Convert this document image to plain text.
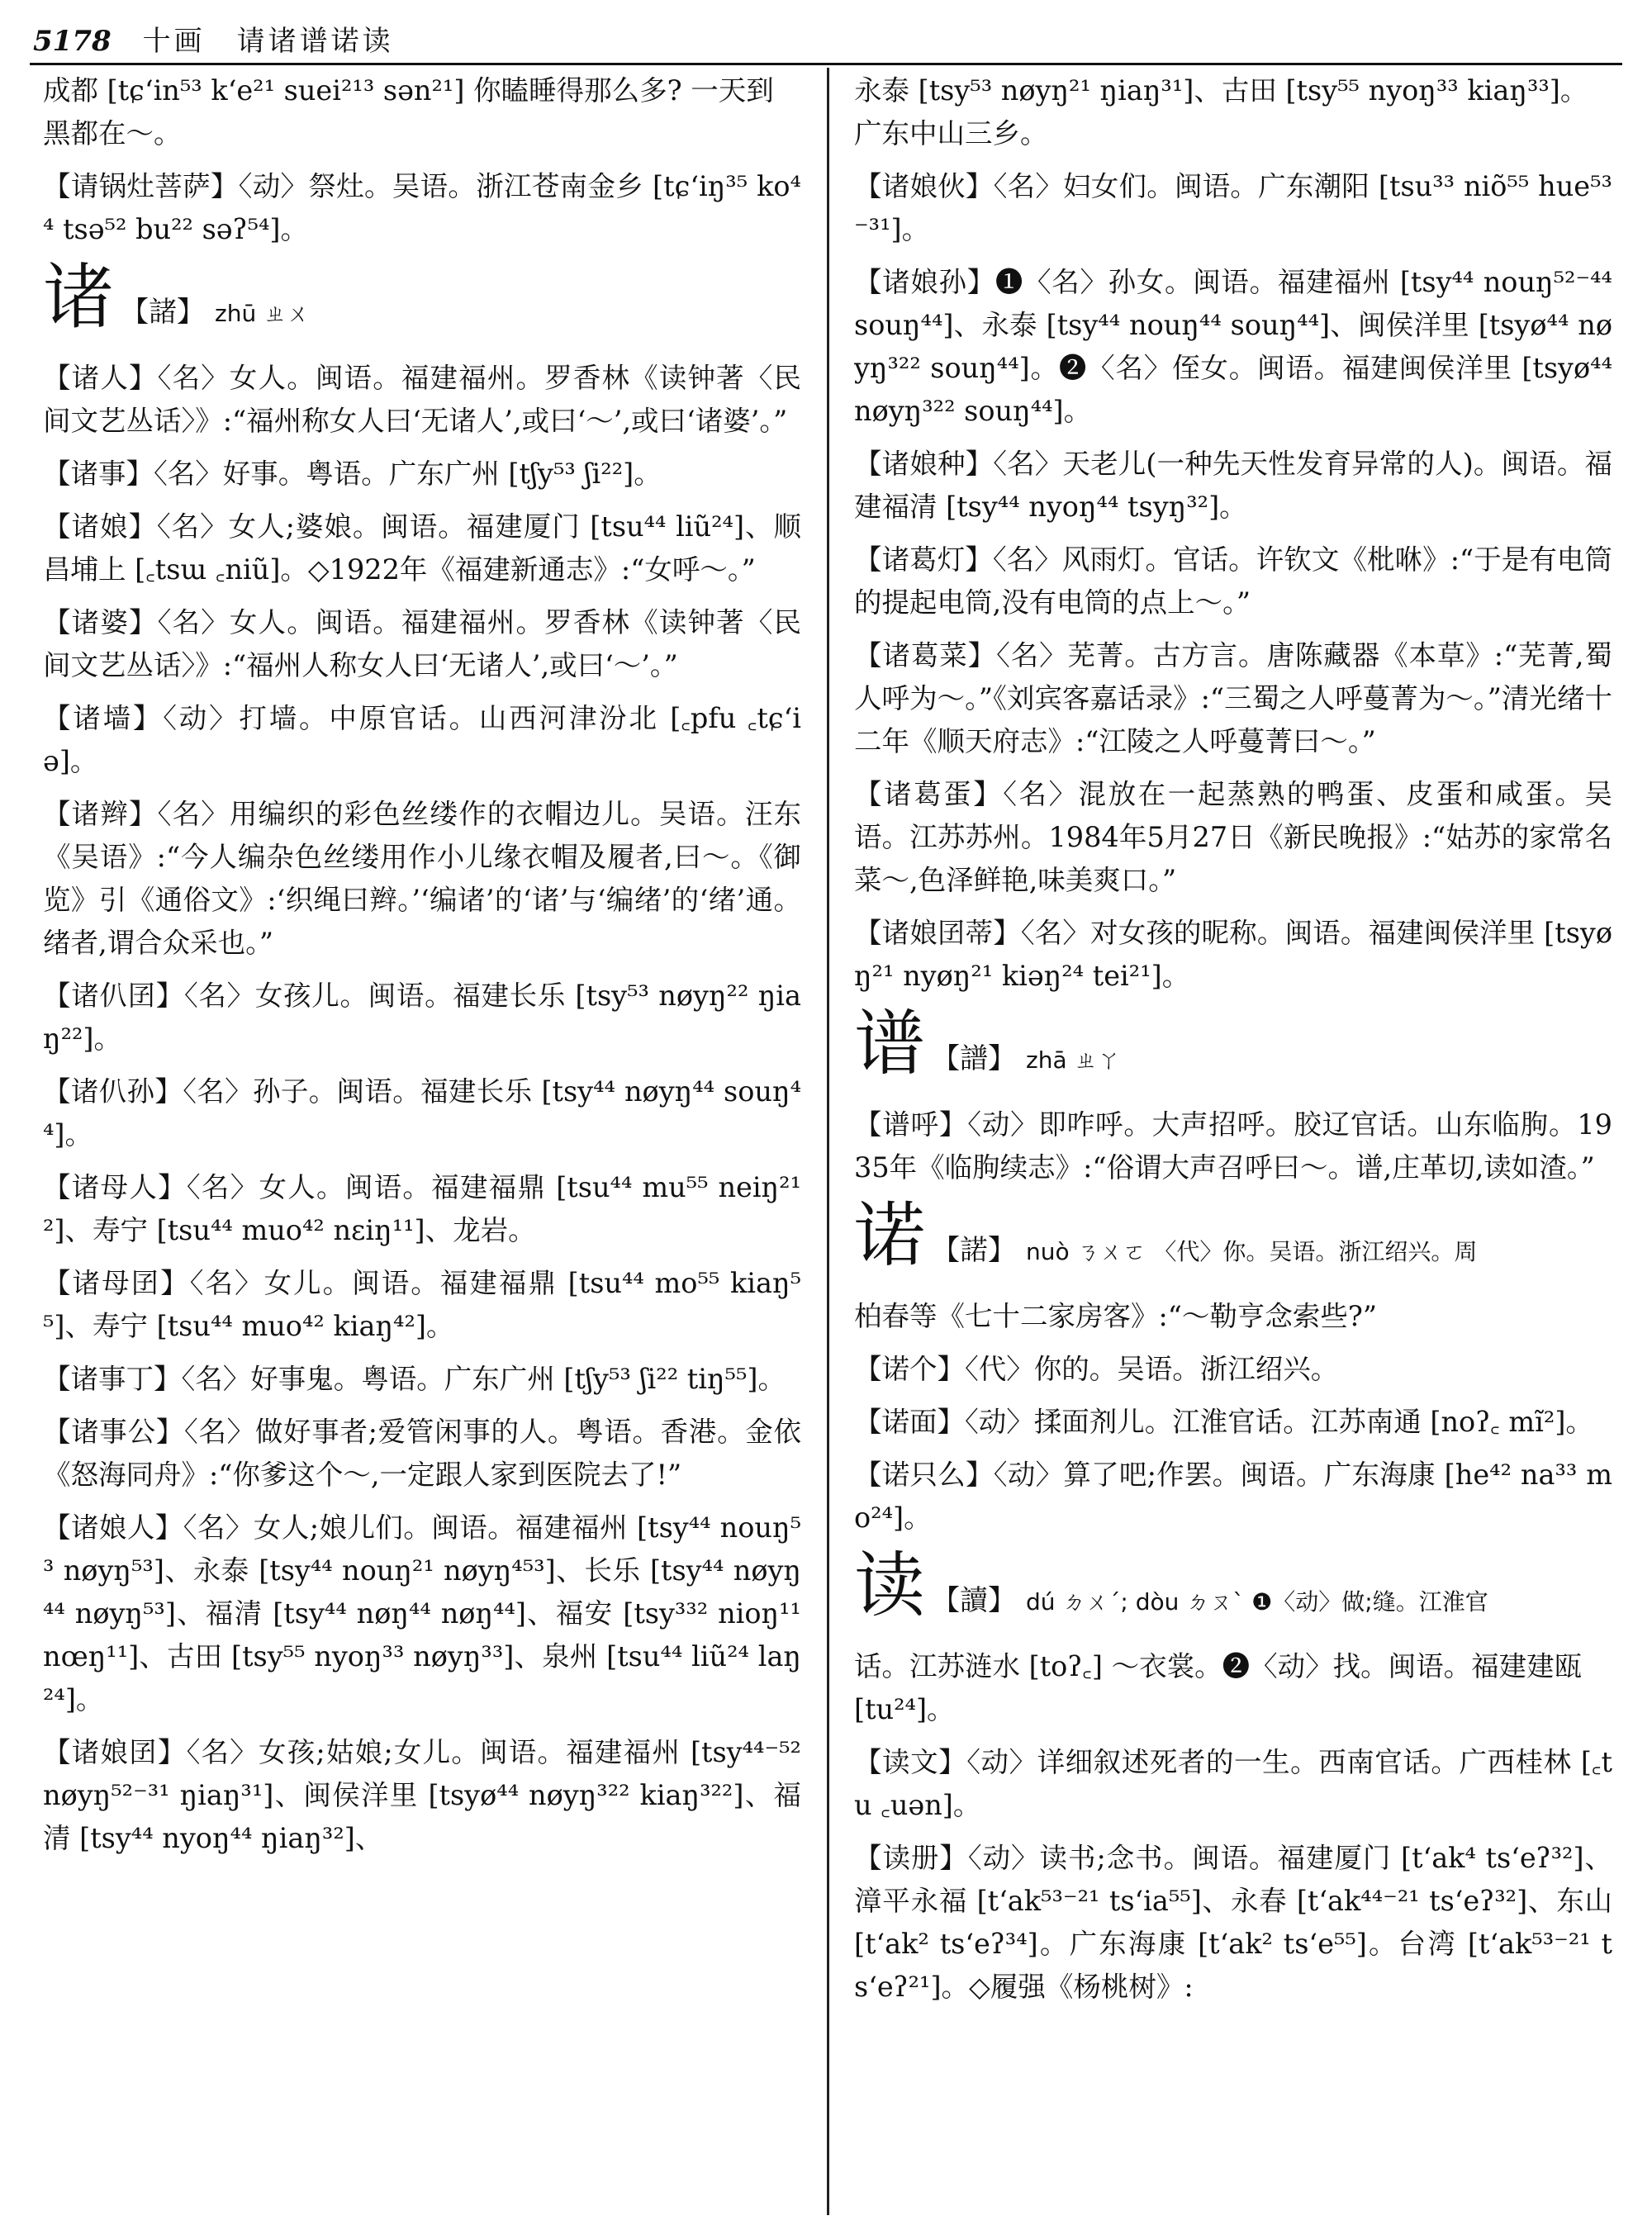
5178 十画 请诸谱诺读

成都 [tɕ‘in⁵³ k‘e²¹ suei²¹³ sən²¹] 你瞌睡得那么多? 一天到黑都在～。

【请锅灶菩萨】〈动〉祭灶。吴语。浙江苍南金乡 [tɕ‘iŋ³⁵ ko⁴⁴ tsə⁵² bu²² səʔ⁵⁴]。

诸 【諸】 zhū ㄓㄨ

【诸人】〈名〉女人。闽语。福建福州。罗香林《读钟著〈民间文艺丛话〉》:“福州称女人曰‘无诸人’,或曰‘～’,或曰‘诸婆’。”

【诸事】〈名〉好事。粤语。广东广州 [tʃy⁵³ ʃi²²]。

【诸娘】〈名〉女人;婆娘。闽语。福建厦门 [tsu⁴⁴ liũ²⁴]、顺昌埔上 [꜀tsɯ ꜀niũ]。◇1922年《福建新通志》:“女呼～。”

【诸婆】〈名〉女人。闽语。福建福州。罗香林《读钟著〈民间文艺丛话〉》:“福州人称女人曰‘无诸人’,或曰‘～’。”

【诸墙】〈动〉打墙。中原官话。山西河津汾北 [꜀pfu ꜀tɕ‘iə]。

【诸辫】〈名〉用编织的彩色丝缕作的衣帽边儿。吴语。汪东《吴语》:“今人编杂色丝缕用作小儿缘衣帽及履者,曰～。《御览》引《通俗文》:‘织绳曰辫。’‘编诸’的‘诸’与‘编绪’的‘绪’通。绪者,谓合众采也。”

【诸仈囝】〈名〉女孩儿。闽语。福建长乐 [tsy⁵³ nøyŋ²² ŋiaŋ²²]。

【诸仈孙】〈名〉孙子。闽语。福建长乐 [tsy⁴⁴ nøyŋ⁴⁴ souŋ⁴⁴]。

【诸母人】〈名〉女人。闽语。福建福鼎 [tsu⁴⁴ mu⁵⁵ neiŋ²¹²]、寿宁 [tsu⁴⁴ muo⁴² nɛiŋ¹¹]、龙岩。

【诸母囝】〈名〉女儿。闽语。福建福鼎 [tsu⁴⁴ mo⁵⁵ kiaŋ⁵⁵]、寿宁 [tsu⁴⁴ muo⁴² kiaŋ⁴²]。

【诸事丁】〈名〉好事鬼。粤语。广东广州 [tʃy⁵³ ʃi²² tiŋ⁵⁵]。

【诸事公】〈名〉做好事者;爱管闲事的人。粤语。香港。金依《怒海同舟》:“你爹这个～,一定跟人家到医院去了!”

【诸娘人】〈名〉女人;娘儿们。闽语。福建福州 [tsy⁴⁴ nouŋ⁵³ nøyŋ⁵³]、永泰 [tsy⁴⁴ nouŋ²¹ nøyŋ⁴⁵³]、长乐 [tsy⁴⁴ nøyŋ⁴⁴ nøyŋ⁵³]、福清 [tsy⁴⁴ nøŋ⁴⁴ nøŋ⁴⁴]、福安 [tsy³³² nioŋ¹¹ nœŋ¹¹]、古田 [tsy⁵⁵ nyoŋ³³ nøyŋ³³]、泉州 [tsu⁴⁴ liũ²⁴ laŋ²⁴]。

【诸娘囝】〈名〉女孩;姑娘;女儿。闽语。福建福州 [tsy⁴⁴⁻⁵² nøyŋ⁵²⁻³¹ ŋiaŋ³¹]、闽侯洋里 [tsyø⁴⁴ nøyŋ³²² kiaŋ³²²]、福清 [tsy⁴⁴ nyoŋ⁴⁴ ŋiaŋ³²]、

永泰 [tsy⁵³ nøyŋ²¹ ŋiaŋ³¹]、古田 [tsy⁵⁵ nyoŋ³³ kiaŋ³³]。广东中山三乡。

【诸娘伙】〈名〉妇女们。闽语。广东潮阳 [tsu³³ niõ⁵⁵ hue⁵³⁻³¹]。

【诸娘孙】❶〈名〉孙女。闽语。福建福州 [tsy⁴⁴ nouŋ⁵²⁻⁴⁴ souŋ⁴⁴]、永泰 [tsy⁴⁴ nouŋ⁴⁴ souŋ⁴⁴]、闽侯洋里 [tsyø⁴⁴ nøyŋ³²² souŋ⁴⁴]。❷〈名〉侄女。闽语。福建闽侯洋里 [tsyø⁴⁴ nøyŋ³²² souŋ⁴⁴]。

【诸娘种】〈名〉天老儿(一种先天性发育异常的人)。闽语。福建福清 [tsy⁴⁴ nyoŋ⁴⁴ tsyŋ³²]。

【诸葛灯】〈名〉风雨灯。官话。许钦文《枇咻》:“于是有电筒的提起电筒,没有电筒的点上～。”

【诸葛菜】〈名〉芜菁。古方言。唐陈藏器《本草》:“芜菁,蜀人呼为～。”《刘宾客嘉话录》:“三蜀之人呼蔓菁为～。”清光绪十二年《顺天府志》:“江陵之人呼蔓菁曰～。”

【诸葛蛋】〈名〉混放在一起蒸熟的鸭蛋、皮蛋和咸蛋。吴语。江苏苏州。1984年5月27日《新民晚报》:“姑苏的家常名菜～,色泽鲜艳,味美爽口。”

【诸娘囝蒂】〈名〉对女孩的昵称。闽语。福建闽侯洋里 [tsyøŋ²¹ nyøŋ²¹ kiəŋ²⁴ tei²¹]。

谱 【譜】 zhā ㄓㄚ

【谱呼】〈动〉即咋呼。大声招呼。胶辽官话。山东临朐。1935年《临朐续志》:“俗谓大声召呼曰～。谱,庄革切,读如渣。”

诺 【諾】 nuò ㄋㄨㄛ 〈代〉你。吴语。浙江绍兴。周

柏春等《七十二家房客》:“～勒亨念索些?”

【诺个】〈代〉你的。吴语。浙江绍兴。

【诺面】〈动〉揉面剂儿。江淮官话。江苏南通 [noʔ꜀ mĩ²]。

【诺只么】〈动〉算了吧;作罢。闽语。广东海康 [he⁴² na³³ mo²⁴]。

读 【讀】 dú ㄉㄨˊ; dòu ㄉㄡˋ ❶〈动〉做;缝。江淮官

话。江苏涟水 [toʔ꜀] ～衣裳。❷〈动〉找。闽语。福建建瓯 [tu²⁴]。

【读文】〈动〉详细叙述死者的一生。西南官话。广西桂林 [꜀tu ꜀uən]。

【读册】〈动〉读书;念书。闽语。福建厦门 [t‘ak⁴ ts‘eʔ³²]、漳平永福 [t‘ak⁵³⁻²¹ ts‘ia⁵⁵]、永春 [t‘ak⁴⁴⁻²¹ ts‘eʔ³²]、东山 [t‘ak² ts‘eʔ³⁴]。广东海康 [t‘ak² ts‘e⁵⁵]。台湾 [t‘ak⁵³⁻²¹ ts‘eʔ²¹]。◇履强《杨桃树》:
